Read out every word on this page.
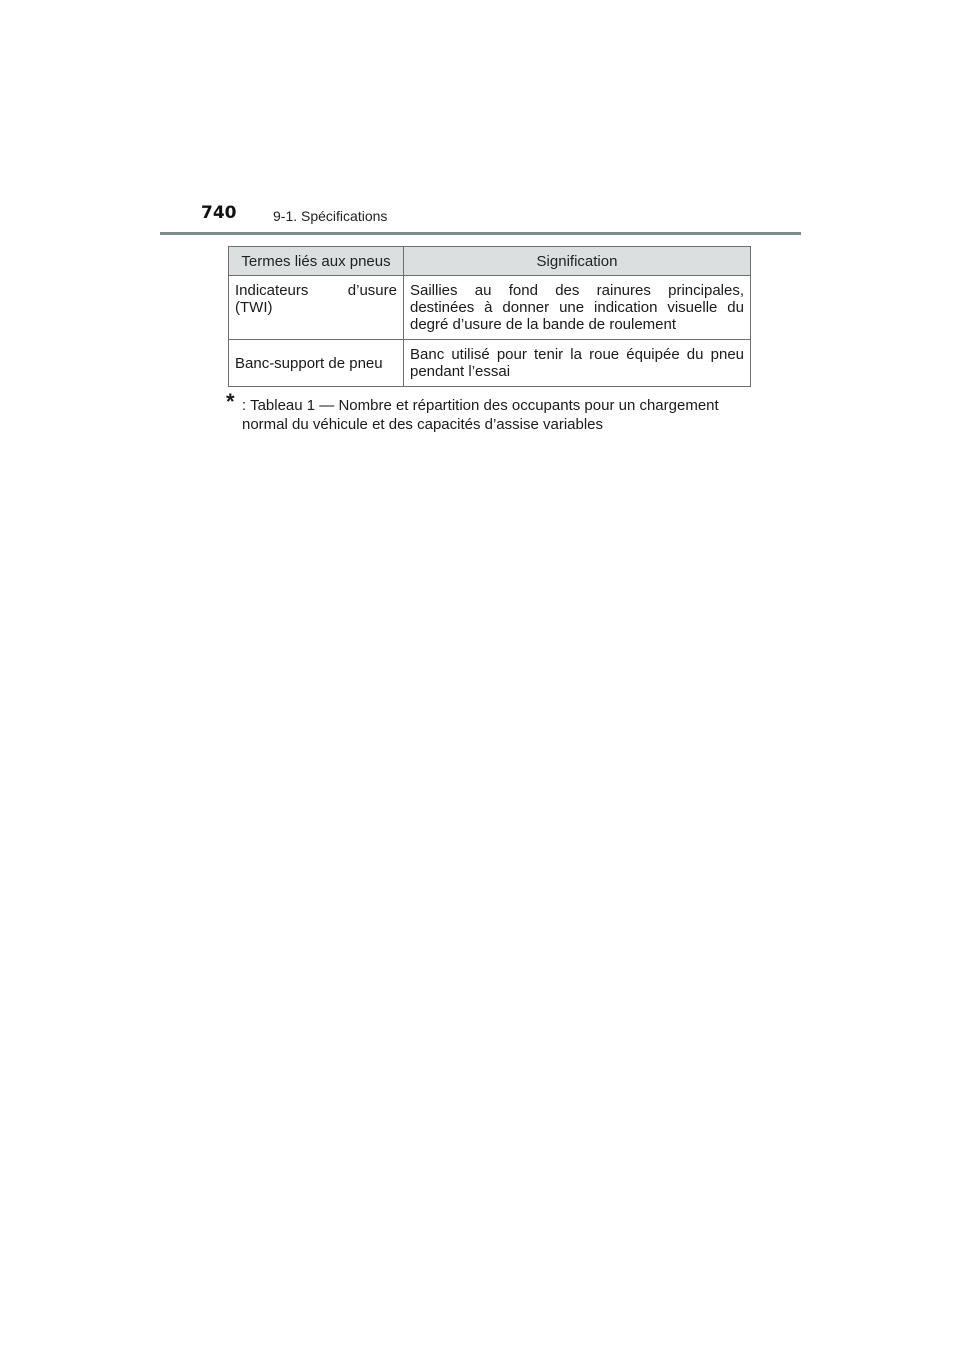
740	9-1. Spécifications
Termes liés aux pneus	Signification
Indicateurs d’usure (TWI)	Saillies au fond des rainures principales, destinées à donner une indication visuelle du degré d’usure de la bande de roulement
Banc-support de pneu	Banc utilisé pour tenir la roue équipée du pneu pendant l’essai
* : Tableau 1 — Nombre et répartition des occupants pour un chargement normal du véhicule et des capacités d’assise variables
